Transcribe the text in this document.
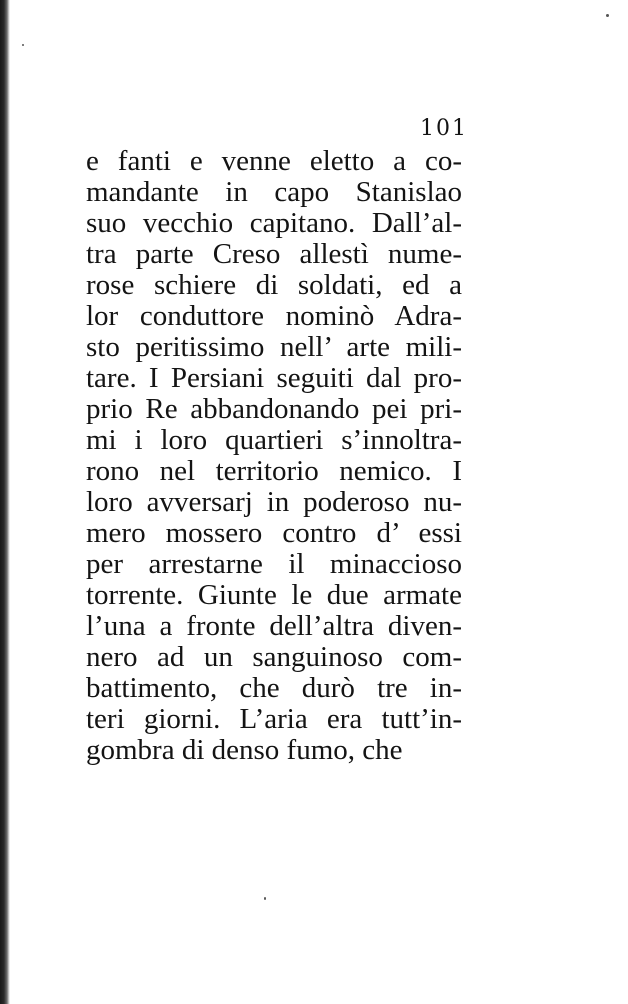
101
e fanti e venne eletto a co-
mandante in capo Stanislao
suo vecchio capitano. Dall’al-
tra parte Creso allestì nume-
rose schiere di soldati, ed a
lor conduttore nominò Adra-
sto peritissimo nell’ arte mili-
tare. I Persiani seguiti dal pro-
prio Re abbandonando pei pri-
mi i loro quartieri s’innoltra-
rono nel territorio nemico. I
loro avversarj in poderoso nu-
mero mossero contro d’ essi
per arrestarne il minaccioso
torrente. Giunte le due armate
l’una a fronte dell’altra diven-
nero ad un sanguinoso com-
battimento, che durò tre in-
teri giorni. L’aria era tutt’in-
gombra di denso fumo, che
